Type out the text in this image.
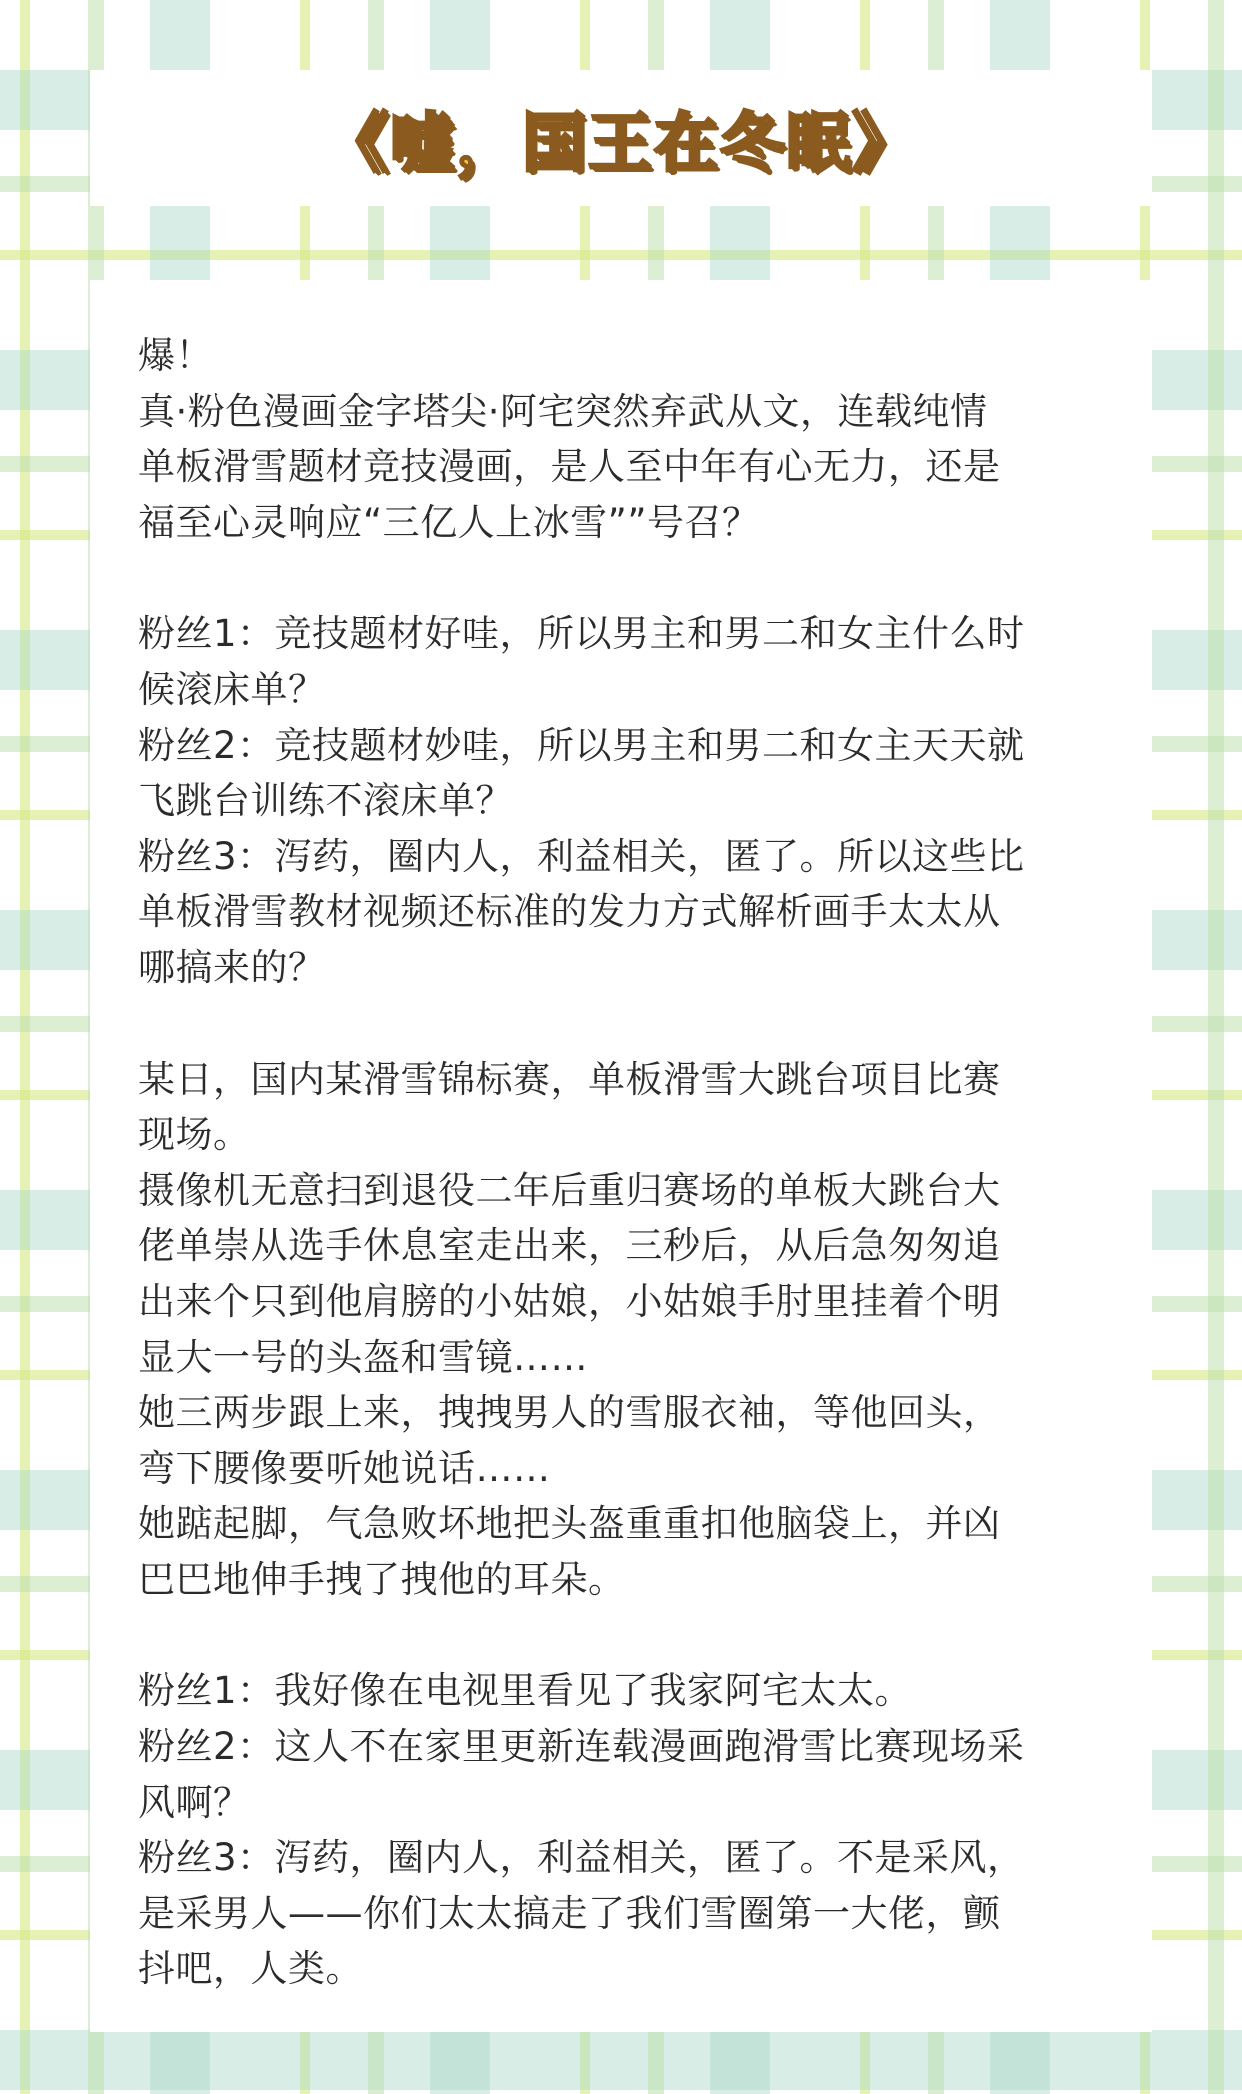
《嘘，国王在冬眠》
爆！
真·粉色漫画金字塔尖·阿宅突然弃武从文，连载纯情
单板滑雪题材竞技漫画，是人至中年有心无力，还是
福至心灵响应“三亿人上冰雪””号召？
粉丝1：竞技题材好哇，所以男主和男二和女主什么时
候滚床单？
粉丝2：竞技题材妙哇，所以男主和男二和女主天天就
飞跳台训练不滚床单？
粉丝3：泻药，圈内人，利益相关，匿了。所以这些比
单板滑雪教材视频还标准的发力方式解析画手太太从
哪搞来的？
某日，国内某滑雪锦标赛，单板滑雪大跳台项目比赛
现场。
摄像机无意扫到退役二年后重归赛场的单板大跳台大
佬单崇从选手休息室走出来，三秒后，从后急匆匆追
出来个只到他肩膀的小姑娘，小姑娘手肘里挂着个明
显大一号的头盔和雪镜……
她三两步跟上来，拽拽男人的雪服衣袖，等他回头，
弯下腰像要听她说话……
她踮起脚，气急败坏地把头盔重重扣他脑袋上，并凶
巴巴地伸手拽了拽他的耳朵。
粉丝1：我好像在电视里看见了我家阿宅太太。
粉丝2：这人不在家里更新连载漫画跑滑雪比赛现场采
风啊？
粉丝3：泻药，圈内人，利益相关，匿了。不是采风，
是采男人——你们太太搞走了我们雪圈第一大佬，颤
抖吧，人类。
